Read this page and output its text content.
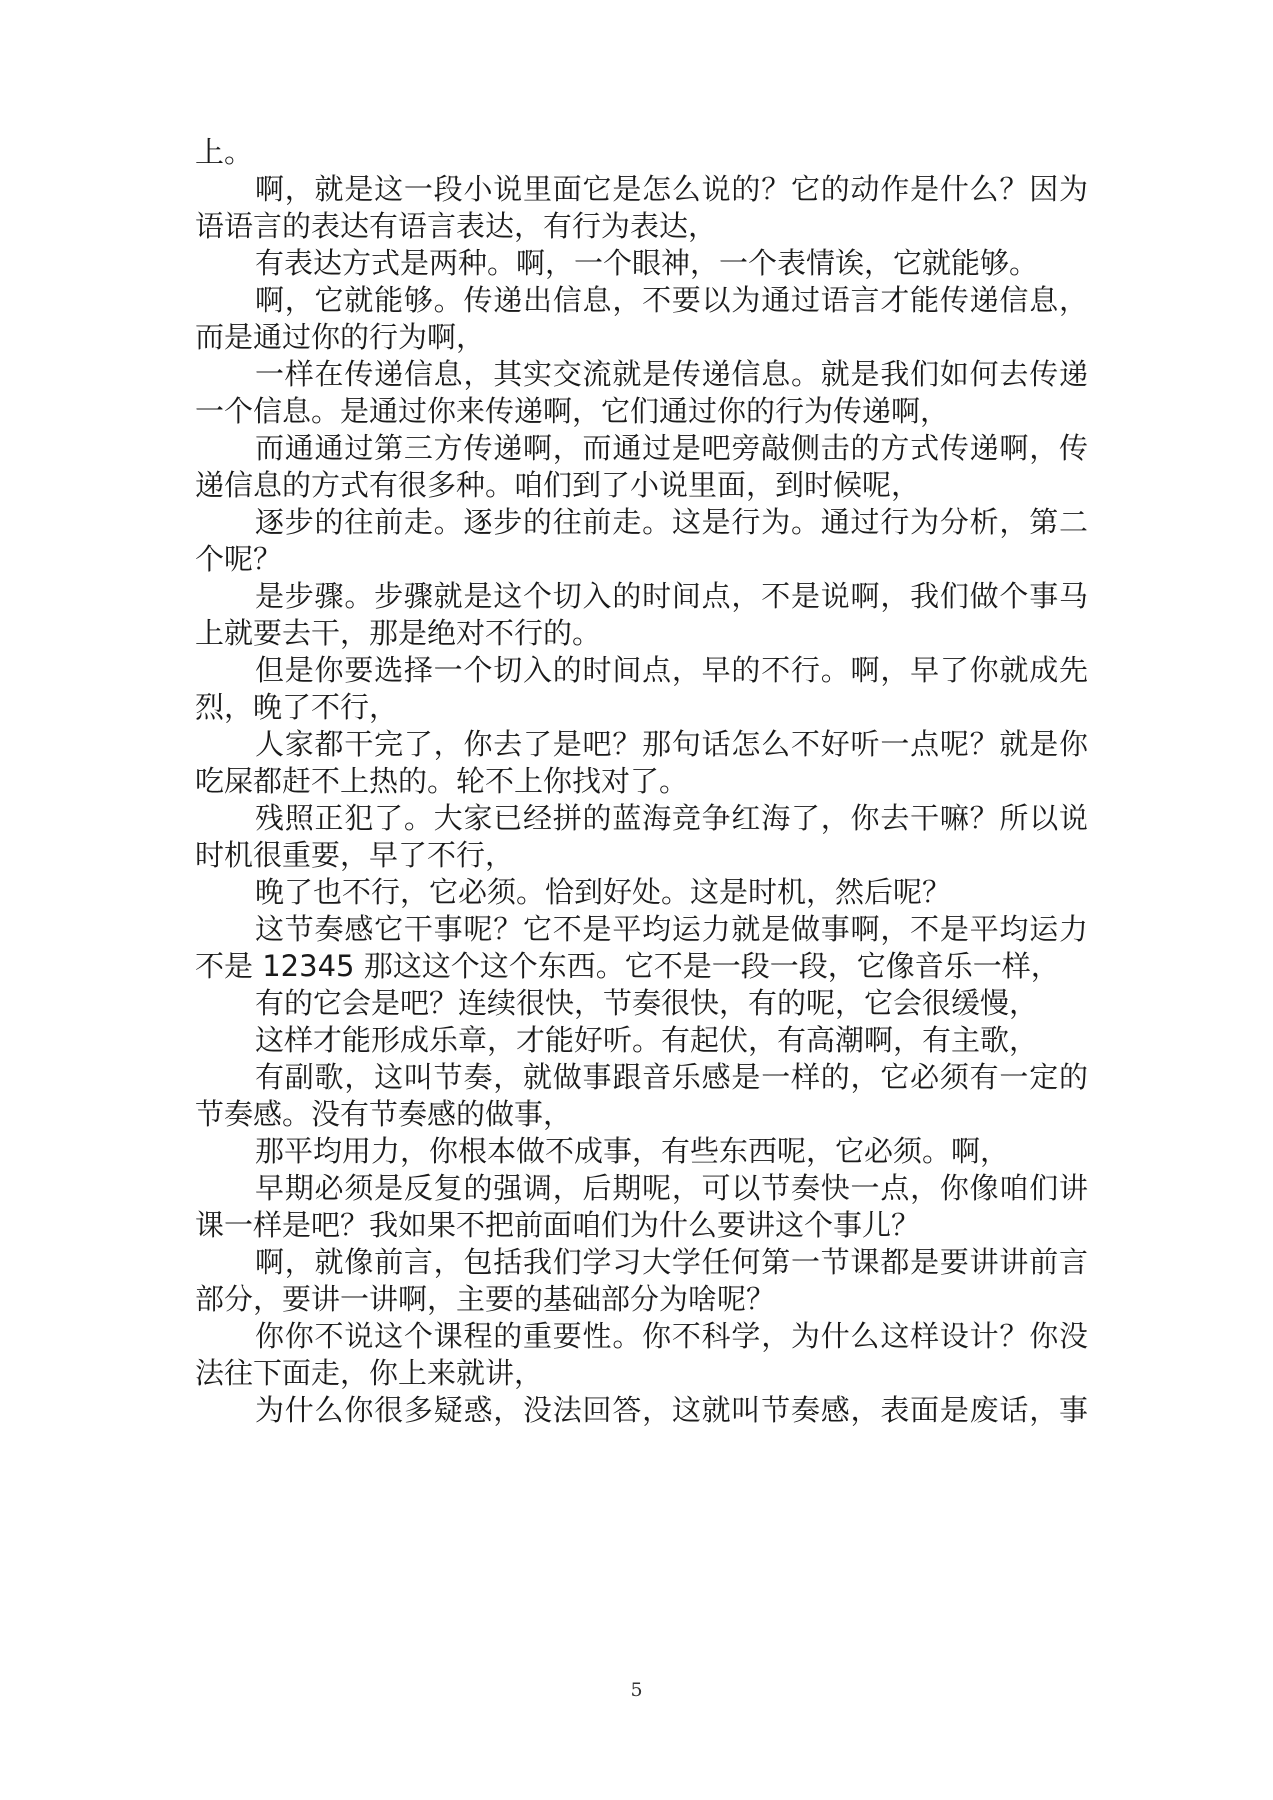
上。
啊，就是这一段小说里面它是怎么说的？它的动作是什么？因为
语语言的表达有语言表达，有行为表达，
有表达方式是两种。啊，一个眼神，一个表情诶，它就能够。
啊，它就能够。传递出信息，不要以为通过语言才能传递信息，
而是通过你的行为啊，
一样在传递信息，其实交流就是传递信息。就是我们如何去传递
一个信息。是通过你来传递啊，它们通过你的行为传递啊，
而通通过第三方传递啊，而通过是吧旁敲侧击的方式传递啊，传
递信息的方式有很多种。咱们到了小说里面，到时候呢，
逐步的往前走。逐步的往前走。这是行为。通过行为分析，第二
个呢？
是步骤。步骤就是这个切入的时间点，不是说啊，我们做个事马
上就要去干，那是绝对不行的。
但是你要选择一个切入的时间点，早的不行。啊，早了你就成先
烈，晚了不行，
人家都干完了，你去了是吧？那句话怎么不好听一点呢？就是你
吃屎都赶不上热的。轮不上你找对了。
残照正犯了。大家已经拼的蓝海竞争红海了，你去干嘛？所以说
时机很重要，早了不行，
晚了也不行，它必须。恰到好处。这是时机，然后呢？
这节奏感它干事呢？它不是平均运力就是做事啊，不是平均运力
不是 12345 那这这个这个东西。它不是一段一段，它像音乐一样，
有的它会是吧？连续很快，节奏很快，有的呢，它会很缓慢，
这样才能形成乐章，才能好听。有起伏，有高潮啊，有主歌，
有副歌，这叫节奏，就做事跟音乐感是一样的，它必须有一定的
节奏感。没有节奏感的做事，
那平均用力，你根本做不成事，有些东西呢，它必须。啊，
早期必须是反复的强调，后期呢，可以节奏快一点，你像咱们讲
课一样是吧？我如果不把前面咱们为什么要讲这个事儿？
啊，就像前言，包括我们学习大学任何第一节课都是要讲讲前言
部分，要讲一讲啊，主要的基础部分为啥呢？
你你不说这个课程的重要性。你不科学，为什么这样设计？你没
法往下面走，你上来就讲，
为什么你很多疑惑，没法回答，这就叫节奏感，表面是废话，事
5
